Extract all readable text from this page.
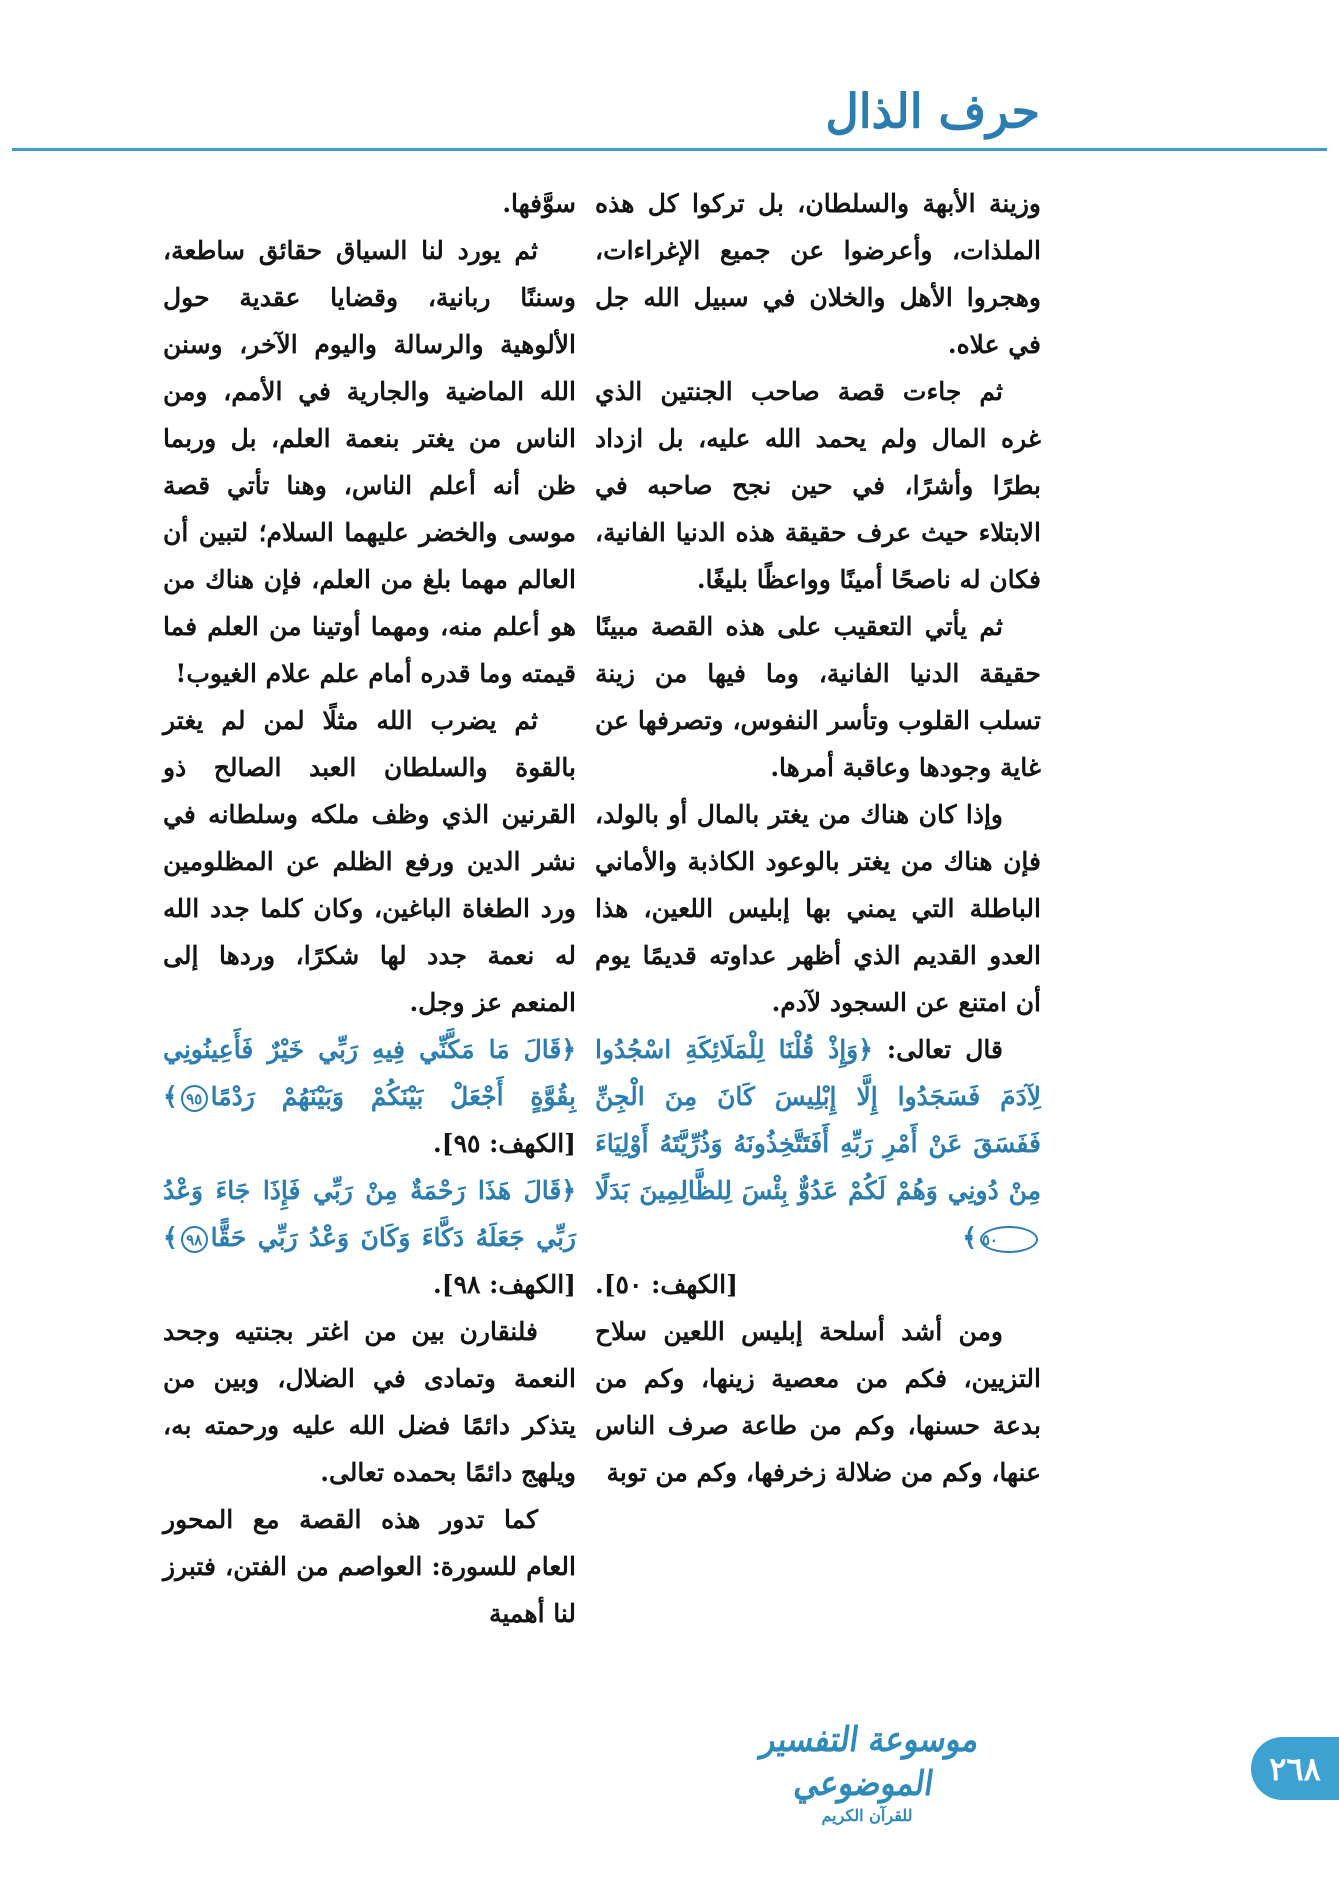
حرف الذال

وزينة الأبهة والسلطان، بل تركوا كل هذه الملذات، وأعرضوا عن جميع الإغراءات، وهجروا الأهل والخلان في سبيل الله جل في علاه.

ثم جاءت قصة صاحب الجنتين الذي غره المال ولم يحمد الله عليه، بل ازداد بطرًا وأشرًا، في حين نجح صاحبه في الابتلاء حيث عرف حقيقة هذه الدنيا الفانية، فكان له ناصحًا أمينًا وواعظًا بليغًا.

ثم يأتي التعقيب على هذه القصة مبينًا حقيقة الدنيا الفانية، وما فيها من زينة تسلب القلوب وتأسر النفوس، وتصرفها عن غاية وجودها وعاقبة أمرها.

وإذا كان هناك من يغتر بالمال أو بالولد، فإن هناك من يغتر بالوعود الكاذبة والأماني الباطلة التي يمني بها إبليس اللعين، هذا العدو القديم الذي أظهر عداوته قديمًا يوم أن امتنع عن السجود لآدم.

قال تعالى: ﴿وَإِذْ قُلْنَا لِلْمَلَائِكَةِ اسْجُدُوا لِآدَمَ فَسَجَدُوا إِلَّا إِبْلِيسَ كَانَ مِنَ الْجِنِّ فَفَسَقَ عَنْ أَمْرِ رَبِّهِ أَفَتَتَّخِذُونَهُ وَذُرِّيَّتَهُ أَوْلِيَاءَ مِنْ دُونِي وَهُمْ لَكُمْ عَدُوٌّ بِئْسَ لِلظَّالِمِينَ بَدَلًا٥٠﴾

[الكهف: ٥٠].

ومن أشد أسلحة إبليس اللعين سلاح التزيين، فكم من معصية زينها، وكم من بدعة حسنها، وكم من طاعة صرف الناس عنها، وكم من ضلالة زخرفها، وكم من توبة

سوَّفها.

ثم يورد لنا السياق حقائق ساطعة، وسننًا ربانية، وقضايا عقدية حول الألوهية والرسالة واليوم الآخر، وسنن الله الماضية والجارية في الأمم، ومن الناس من يغتر بنعمة العلم، بل وربما ظن أنه أعلم الناس، وهنا تأتي قصة موسى والخضر عليهما السلام؛ لتبين أن العالم مهما بلغ من العلم، فإن هناك من هو أعلم منه، ومهما أوتينا من العلم فما قيمته وما قدره أمام علم علام الغيوب!

ثم يضرب الله مثلًا لمن لم يغتر بالقوة والسلطان العبد الصالح ذو القرنين الذي وظف ملكه وسلطانه في نشر الدين ورفع الظلم عن المظلومين ورد الطغاة الباغين، وكان كلما جدد الله له نعمة جدد لها شكرًا، وردها إلى المنعم عز وجل.

﴿قَالَ مَا مَكَّنِّي فِيهِ رَبِّي خَيْرٌ فَأَعِينُونِي بِقُوَّةٍ أَجْعَلْ بَيْنَكُمْ وَبَيْنَهُمْ رَدْمًا٩٥﴾ [الكهف: ٩٥].

﴿قَالَ هَذَا رَحْمَةٌ مِنْ رَبِّي فَإِذَا جَاءَ وَعْدُ رَبِّي جَعَلَهُ دَكَّاءَ وَكَانَ وَعْدُ رَبِّي حَقًّا٩٨﴾ [الكهف: ٩٨].

فلنقارن بين من اغتر بجنتيه وجحد النعمة وتمادى في الضلال، وبين من يتذكر دائمًا فضل الله عليه ورحمته به، ويلهج دائمًا بحمده تعالى.

كما تدور هذه القصة مع المحور العام للسورة: العواصم من الفتن، فتبرز لنا أهمية

موسوعة التفسير الموضوعي
للقرآن الكريم
٢٦٨
